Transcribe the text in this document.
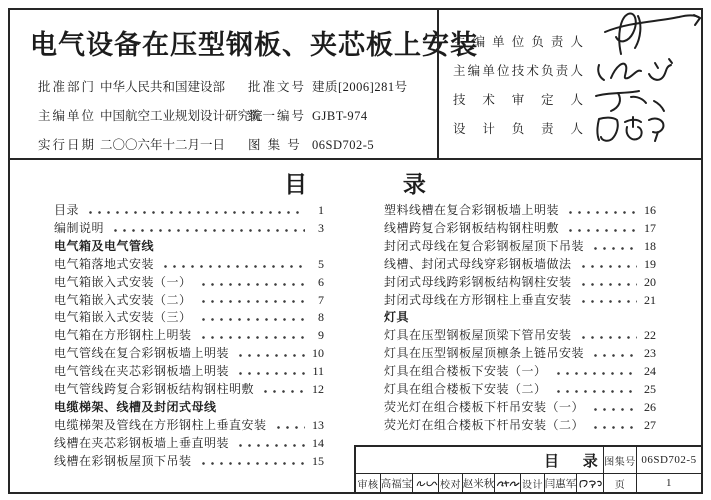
电气设备在压型钢板、夹芯板上安装
批准部门 中华人民共和国建设部	批准文号 建质[2006]281号
主编单位 中国航空工业规划设计研究院
统一编号 GJBT-974
实行日期 二〇〇六年十二月一日	图 集 号 06SD702-5
主编单位负责人
主编单位技术负责人
技术审定人
设计负责人
目 录
目录	1
编制说明	3
电气箱及电气管线
电气箱落地式安装	5
电气箱嵌入式安装（一）	6
电气箱嵌入式安装（二）	7
电气箱嵌入式安装（三）	8
电气箱在方形钢柱上明装	9
电气管线在复合彩钢板墙上明装	10
电气管线在夹芯彩钢板墙上明装	11
电气管线跨复合彩钢板结构钢柱明敷	12
电缆梯架、线槽及封闭式母线
电缆梯架及管线在方形钢柱上垂直安装	13
线槽在夹芯彩钢板墙上垂直明装	14
线槽在彩钢板屋顶下吊装	15
塑料线槽在复合彩钢板墙上明装	16
线槽跨复合彩钢板结构钢柱明敷	17
封闭式母线在复合彩钢板屋顶下吊装	18
线槽、封闭式母线穿彩钢板墙做法	19
封闭式母线跨彩钢板结构钢柱安装	20
封闭式母线在方形钢柱上垂直安装	21
灯具
灯具在压型钢板屋顶梁下管吊安装	22
灯具在压型钢板屋顶檩条上链吊安装	23
灯具在组合楼板下安装（一）	24
灯具在组合楼板下安装（二）	25
荧光灯在组合楼板下杆吊安装（一）	26
荧光灯在组合楼板下杆吊安装（二）	27
目 录 图集号 06SD702-5
审核 高福宝	校对 赵米秋	设计 闫惠军	页	1
